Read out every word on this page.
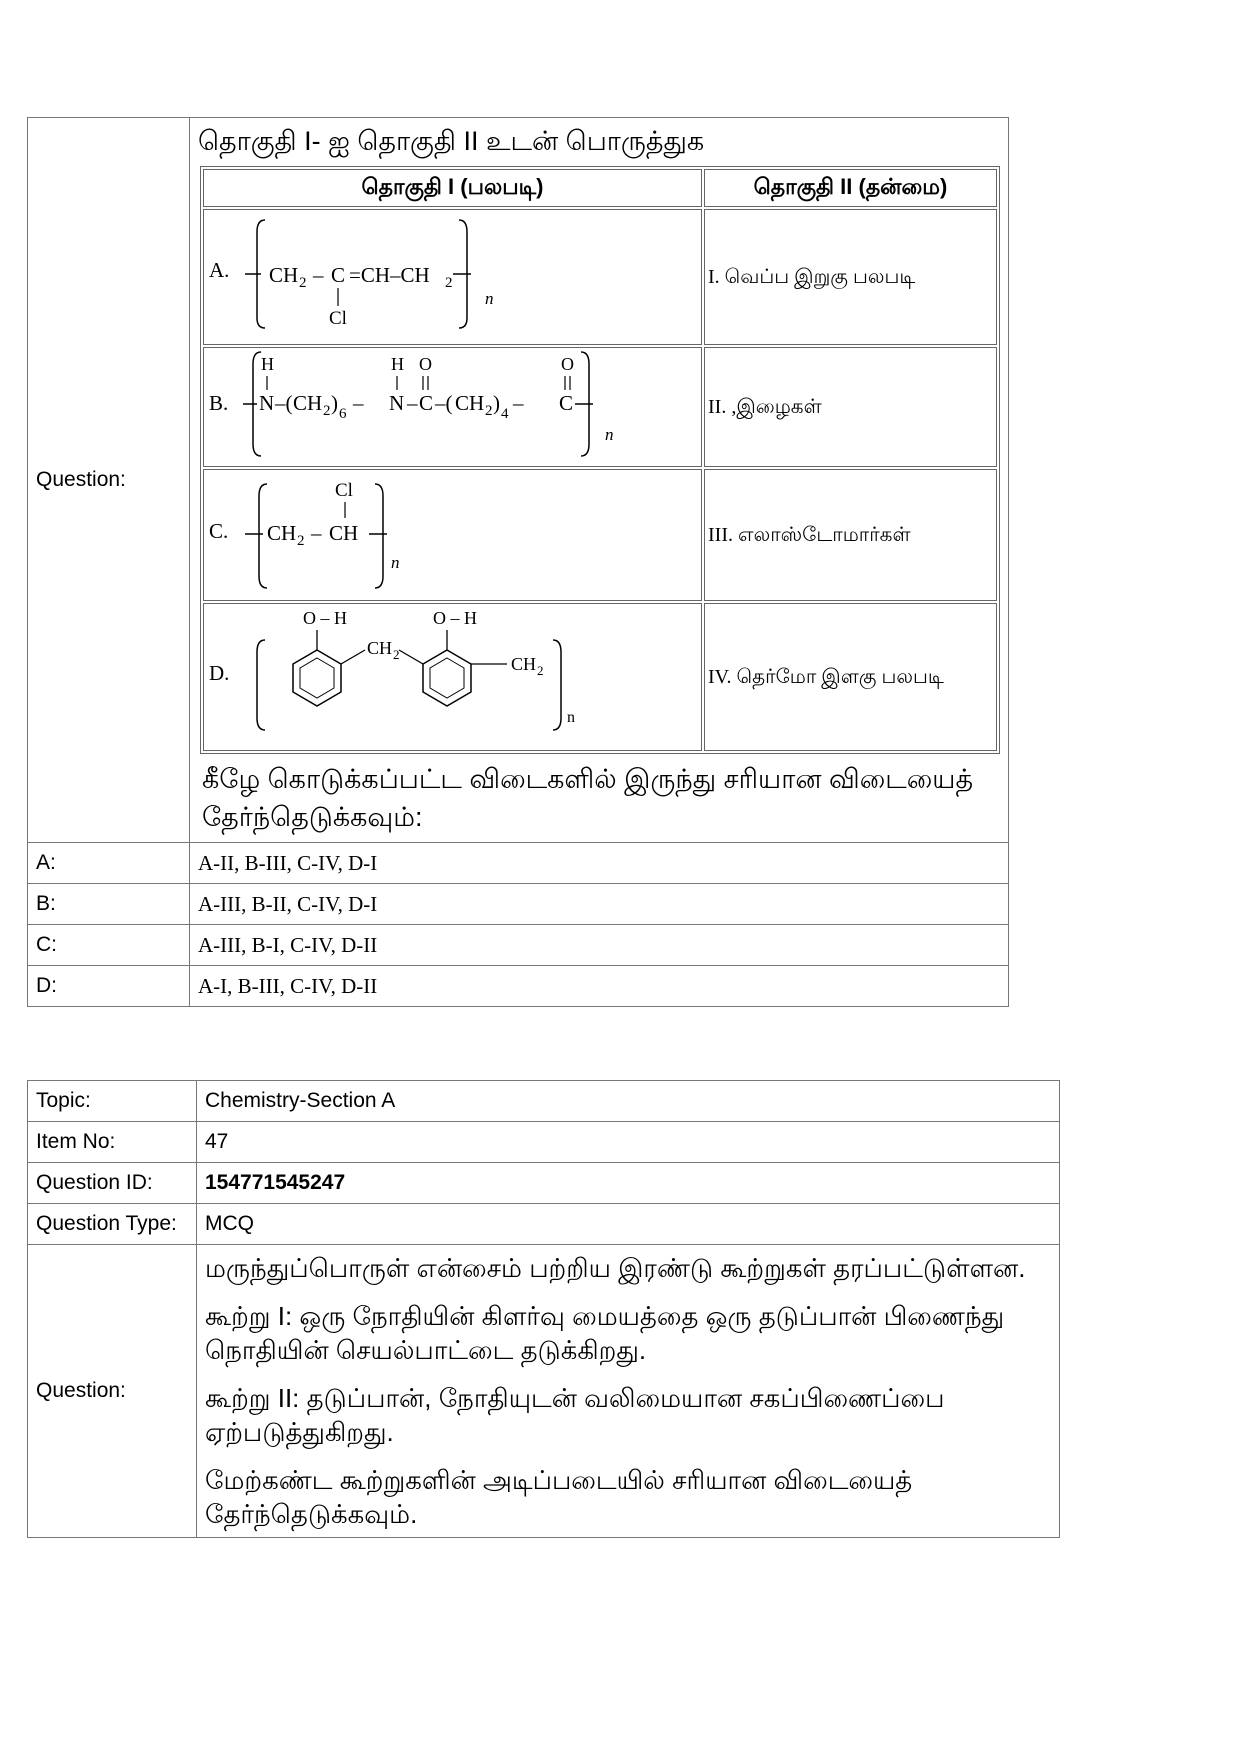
Question:	
தொகுதி I- ஐ தொகுதி II உடன் பொருத்துக
தொகுதி I (பலபடி)	தொகுதி II (தன்மை)

A. CH 2 – C
Cl
=CH–CH 2
n
	I. வெப்ப இறுகு பலபடி

B.
H
N –( CH 2 ) 6 –
H
N –
O
C –( CH 2 ) 4 –
O
C
n
	II. ,இழைகள்

C. CH 2 – CH
Cl
n
	III. எலாஸ்டோமார்கள்

D.
O – H
CH 2
O – H
CH 2
n
	IV. தெர்மோ இளகு பலபடி
கீழே கொடுக்கப்பட்ட விடைகளில் இருந்து சரியான விடையைத் தேர்ந்தெடுக்கவும்:

A:	A-II, B-III, C-IV, D-I
B:	A-III, B-II, C-IV, D-I
C:	A-III, B-I, C-IV, D-II
D:	A-I, B-III, C-IV, D-II
Topic:	Chemistry-Section A
Item No:	47
Question ID:	154771545247
Question Type:	MCQ
Question:	மருந்துப்பொருள் என்சைம் பற்றிய இரண்டு கூற்றுகள் தரப்பட்டுள்ளன.
கூற்று I: ஒரு நோதியின் கிளர்வு மையத்தை ஒரு தடுப்பான் பிணைந்து நொதியின் செயல்பாட்டை தடுக்கிறது.
கூற்று II: தடுப்பான், நோதியுடன் வலிமையான சகப்பிணைப்பை ஏற்படுத்துகிறது.
மேற்கண்ட கூற்றுகளின் அடிப்படையில் சரியான விடையைத் தேர்ந்தெடுக்கவும்.
